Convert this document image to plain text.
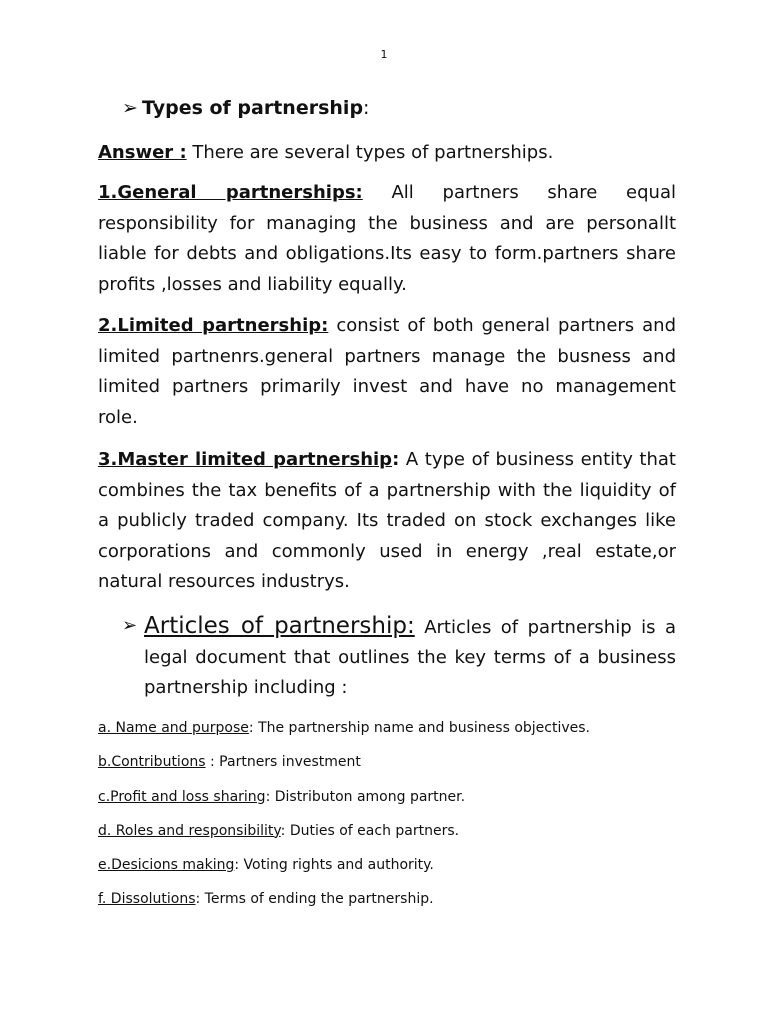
1
➢ Types of partnership:
Answer : There are several types of partnerships.
1.General partnerships: All partners share equal responsibility for managing the business and are personallt liable for debts and obligations.Its easy to form.partners share profits ,losses and liability equally.
2.Limited partnership: consist of both general partners and limited partnenrs.general partners manage the busness and limited partners primarily invest and have no management role.
3.Master limited partnership: A type of business entity that combines the tax benefits of a partnership with the liquidity of a publicly traded company. Its traded on stock exchanges like corporations and commonly used in energy ,real estate,or natural resources industrys.
➢ Articles of partnership: Articles of partnership is a legal document that outlines the key terms of a business partnership including :
a. Name and purpose: The partnership name and business objectives.
b.Contributions : Partners investment
c.Profit and loss sharing: Distributon among partner.
d. Roles and responsibility: Duties of each partners.
e.Desicions making: Voting rights and authority.
f. Dissolutions: Terms of ending the partnership.
